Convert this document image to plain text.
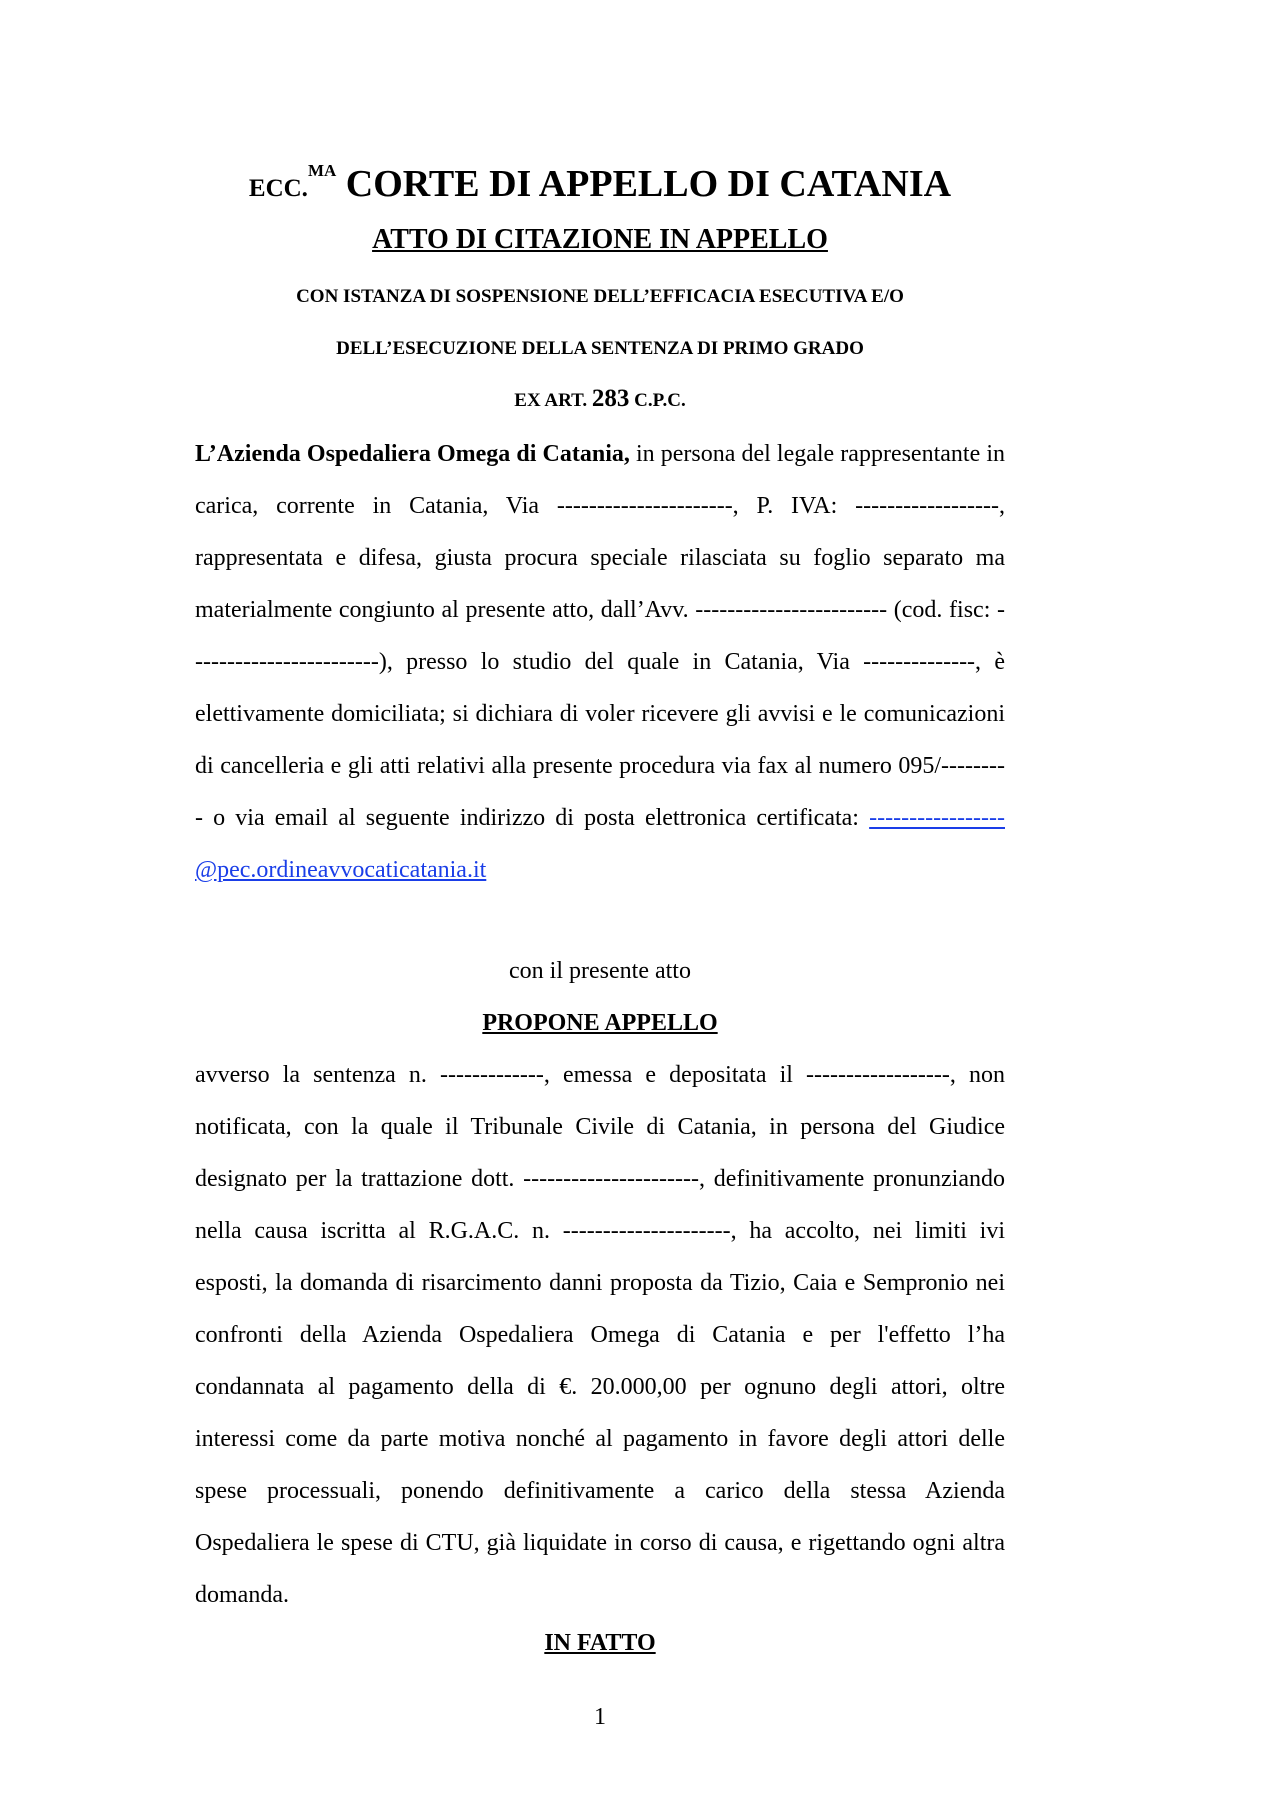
ECC.$^{MA}$ CORTE DI APPELLO DI CATANIA
ATTO DI CITAZIONE IN APPELLO
CON ISTANZA DI SOSPENSIONE DELL’EFFICACIA ESECUTIVA E/O
DELL’ESECUZIONE DELLA SENTENZA DI PRIMO GRADO
EX ART. 283 C.P.C.

L’Azienda Ospedaliera Omega di Catania, in persona del legale rappresentante in carica, corrente in Catania, Via ----------------------, P. IVA: ------------------, rappresentata e difesa, giusta procura speciale rilasciata su foglio separato ma materialmente congiunto al presente atto, dall’Avv. ------------------------ (cod. fisc: ------------------------), presso lo studio del quale in Catania, Via --------------, è elettivamente domiciliata; si dichiara di voler ricevere gli avvisi e le comunicazioni di cancelleria e gli atti relativi alla presente procedura via fax al numero 095/--------- o via email al seguente indirizzo di posta elettronica certificata: ----------------- @pec.ordineavvocaticatania.it

con il presente atto
PROPONE APPELLO

avverso la sentenza n. -------------, emessa e depositata il ------------------, non notificata, con la quale il Tribunale Civile di Catania, in persona del Giudice designato per la trattazione dott. ----------------------, definitivamente pronunziando nella causa iscritta al R.G.A.C. n. ---------------------, ha accolto, nei limiti ivi esposti, la domanda di risarcimento danni proposta da Tizio, Caia e Sempronio nei confronti della Azienda Ospedaliera Omega di Catania e per l'effetto l’ha condannata al pagamento della di €. 20.000,00 per ognuno degli attori, oltre interessi come da parte motiva nonché al pagamento in favore degli attori delle spese processuali, ponendo definitivamente a carico della stessa Azienda Ospedaliera le spese di CTU, già liquidate in corso di causa, e rigettando ogni altra domanda.

IN FATTO
1
